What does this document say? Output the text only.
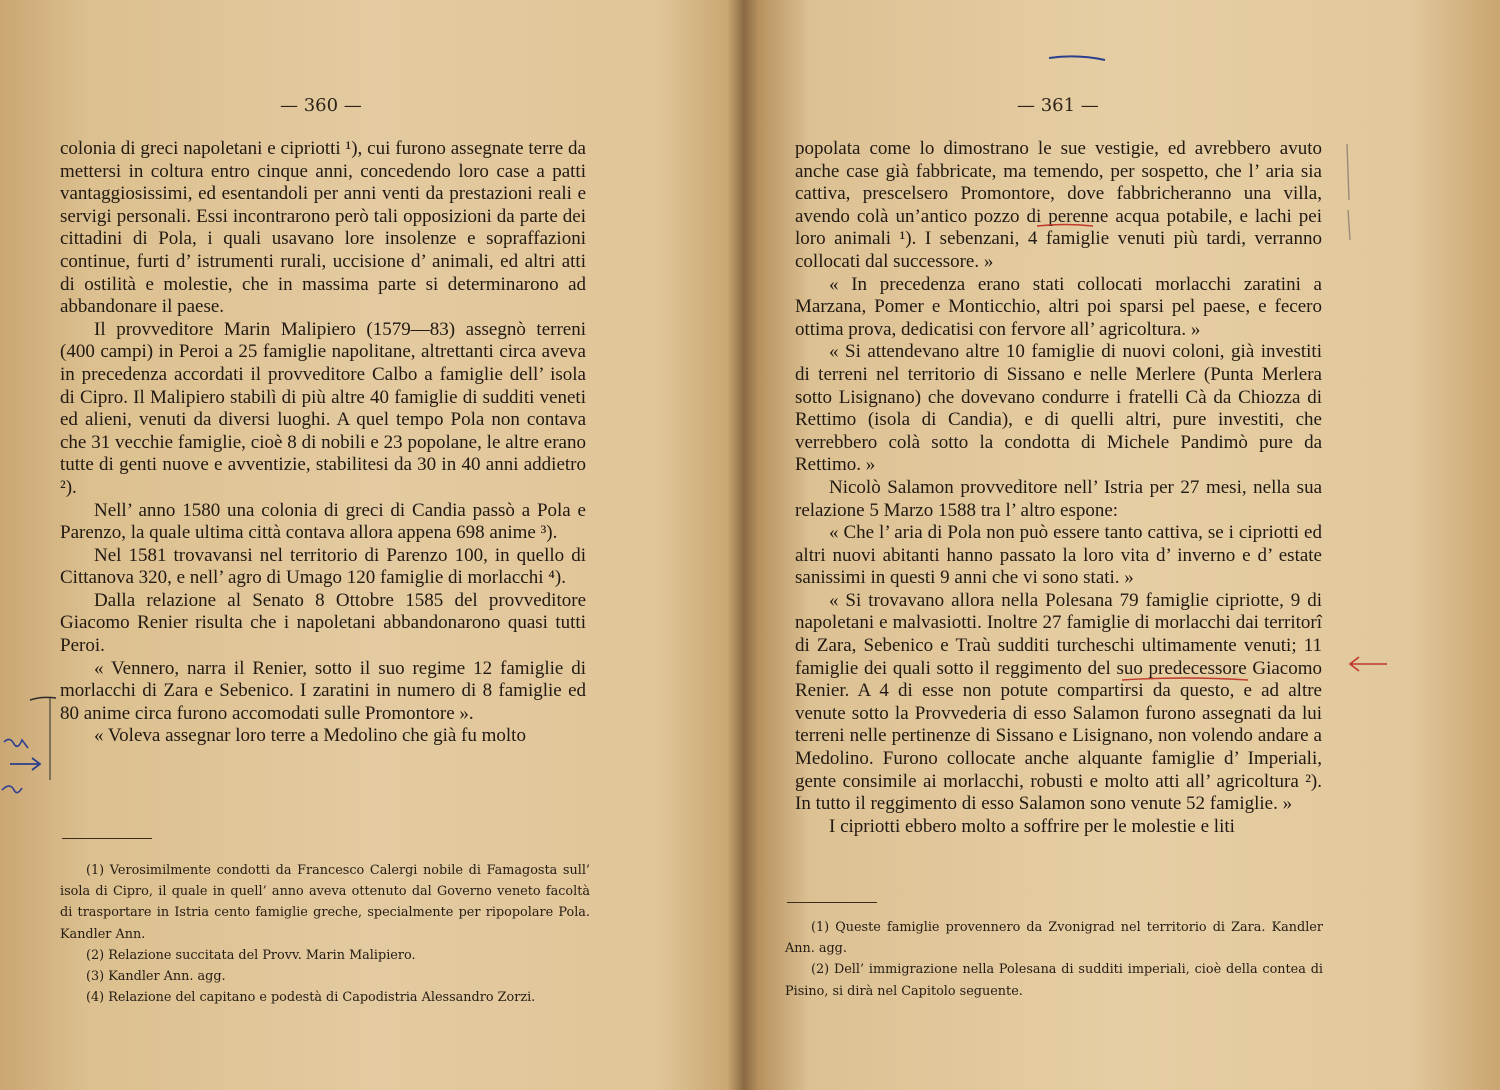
— 360 —

colonia di greci napoletani e cipriotti ¹), cui furono assegnate terre da mettersi in coltura entro cinque anni, concedendo loro case a patti vantaggiosissimi, ed esentandoli per anni venti da prestazioni reali e servigi personali. Essi incontrarono però tali opposizioni da parte dei cittadini di Pola, i quali usavano lore insolenze e sopraffazioni continue, furti d’ istrumenti rurali, uccisione d’ animali, ed altri atti di ostilità e molestie, che in massima parte si determinarono ad abbandonare il paese.

Il provveditore Marin Malipiero (1579—83) assegnò terreni (400 campi) in Peroi a 25 famiglie napolitane, altrettanti circa aveva in precedenza accordati il provveditore Calbo a famiglie dell’ isola di Cipro. Il Malipiero stabilì di più altre 40 famiglie di sudditi veneti ed alieni, venuti da diversi luoghi. A quel tempo Pola non contava che 31 vecchie famiglie, cioè 8 di nobili e 23 popolane, le altre erano tutte di genti nuove e avventizie, stabilitesi da 30 in 40 anni addietro ²).

Nell’ anno 1580 una colonia di greci di Candia passò a Pola e Parenzo, la quale ultima città contava allora appena 698 anime ³).

Nel 1581 trovavansi nel territorio di Parenzo 100, in quello di Cittanova 320, e nell’ agro di Umago 120 famiglie di morlacchi ⁴).

Dalla relazione al Senato 8 Ottobre 1585 del provveditore Giacomo Renier risulta che i napoletani abbandonarono quasi tutti Peroi.

« Vennero, narra il Renier, sotto il suo regime 12 famiglie di morlacchi di Zara e Sebenico. I zaratini in numero di 8 famiglie ed 80 anime circa furono accomodati sulle Promontore ».

« Voleva assegnar loro terre a Medolino che già fu molto

(1) Verosimilmente condotti da Francesco Calergi nobile di Famagosta sull’ isola di Cipro, il quale in quell’ anno aveva ottenuto dal Governo veneto facoltà di trasportare in Istria cento famiglie greche, specialmente per ripopolare Pola. Kandler Ann.

(2) Relazione succitata del Provv. Marin Malipiero.

(3) Kandler Ann. agg.

(4) Relazione del capitano e podestà di Capodistria Alessandro Zorzi.

— 361 —

popolata come lo dimostrano le sue vestigie, ed avrebbero avuto anche case già fabbricate, ma temendo, per sospetto, che l’ aria sia cattiva, prescelsero Promontore, dove fabbricheranno una villa, avendo colà un’antico pozzo di perenne acqua potabile, e lachi pei loro animali ¹). I sebenzani, 4 famiglie venuti più tardi, verranno collocati dal successore. »

« In precedenza erano stati collocati morlacchi zaratini a Marzana, Pomer e Monticchio, altri poi sparsi pel paese, e fecero ottima prova, dedicatisi con fervore all’ agricoltura. »

« Si attendevano altre 10 famiglie di nuovi coloni, già investiti di terreni nel territorio di Sissano e nelle Merlere (Punta Merlera sotto Lisignano) che dovevano condurre i fratelli Cà da Chiozza di Rettimo (isola di Candia), e di quelli altri, pure investiti, che verrebbero colà sotto la condotta di Michele Pandimò pure da Rettimo. »

Nicolò Salamon provveditore nell’ Istria per 27 mesi, nella sua relazione 5 Marzo 1588 tra l’ altro espone:

« Che l’ aria di Pola non può essere tanto cattiva, se i cipriotti ed altri nuovi abitanti hanno passato la loro vita d’ inverno e d’ estate sanissimi in questi 9 anni che vi sono stati. »

« Si trovavano allora nella Polesana 79 famiglie cipriotte, 9 di napoletani e malvasiotti. Inoltre 27 famiglie di morlacchi dai territorî di Zara, Sebenico e Traù sudditi turcheschi ultimamente venuti; 11 famiglie dei quali sotto il reggimento del suo predecessore Giacomo Renier. A 4 di esse non potute compartirsi da questo, e ad altre venute sotto la Provvederia di esso Salamon furono assegnati da lui terreni nelle pertinenze di Sissano e Lisignano, non volendo andare a Medolino. Furono collocate anche alquante famiglie d’ Imperiali, gente consimile ai morlacchi, robusti e molto atti all’ agricoltura ²). In tutto il reggimento di esso Salamon sono venute 52 famiglie. »

I cipriotti ebbero molto a soffrire per le molestie e liti

(1) Queste famiglie provennero da Zvonigrad nel territorio di Zara. Kandler Ann. agg.

(2) Dell’ immigrazione nella Polesana di sudditi imperiali, cioè della contea di Pisino, si dirà nel Capitolo seguente.
